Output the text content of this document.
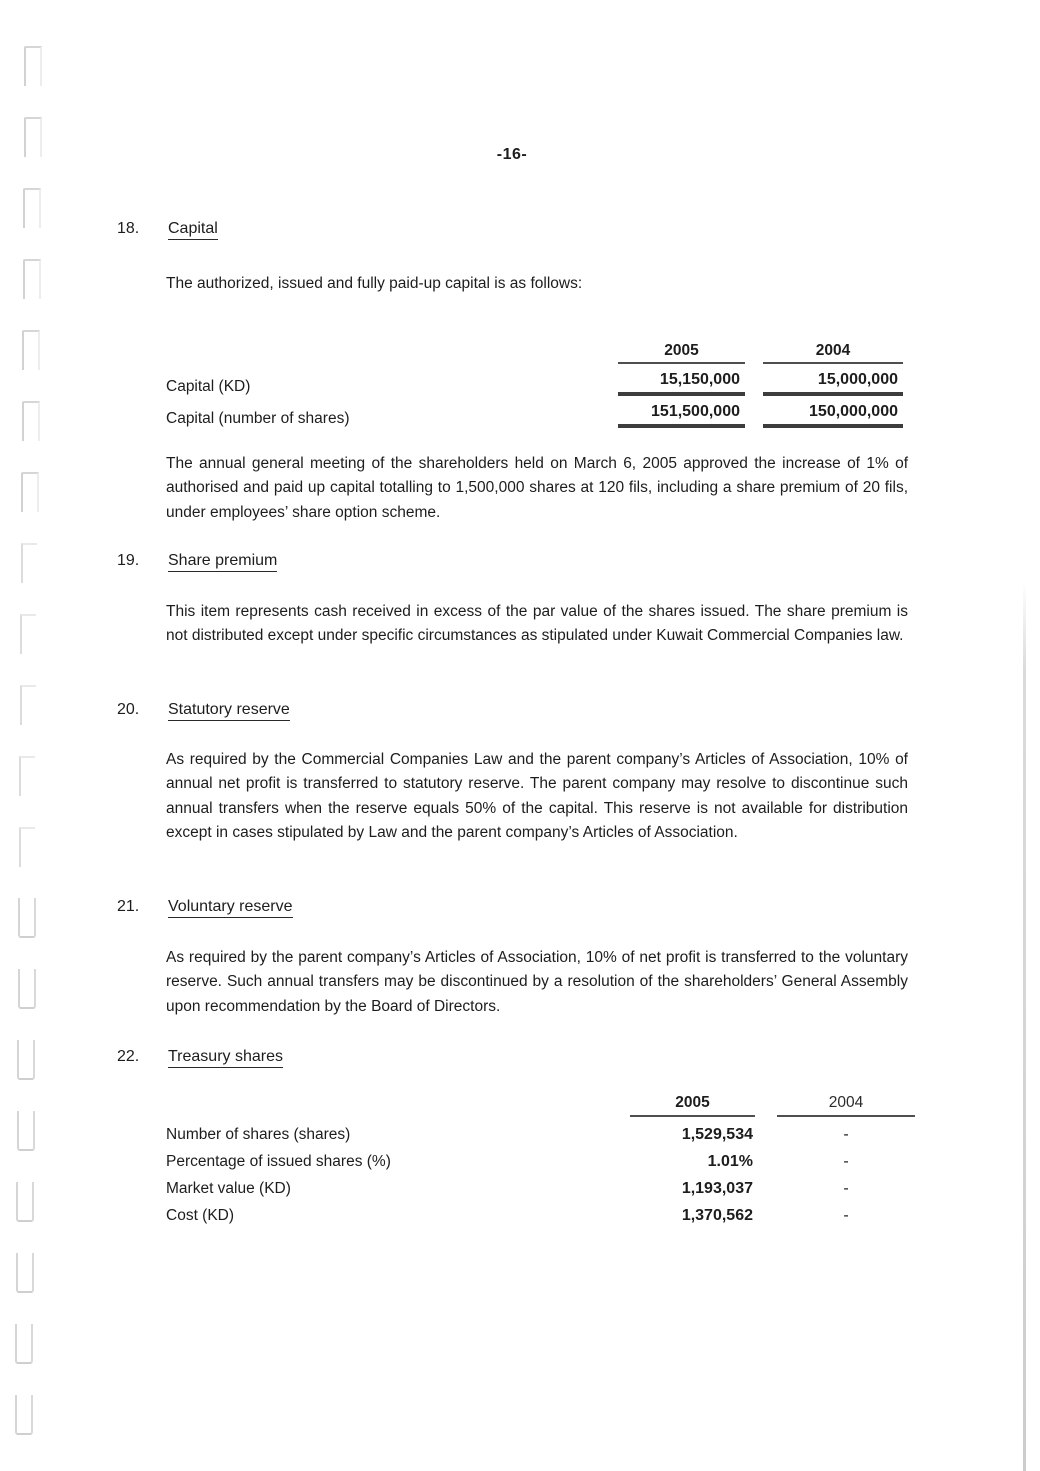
-16-
18.	Capital

The authorized, issued and fully paid-up capital is as follows:

2005	2004
Capital (KD)	15,150,000	15,000,000
Capital (number of shares)	151,500,000	150,000,000

The annual general meeting of the shareholders held on March 6, 2005 approved the increase of 1% of authorised and paid up capital totalling to 1,500,000 shares at 120 fils, including a share premium of 20 fils, under employees’ share option scheme.

19.	Share premium

This item represents cash received in excess of the par value of the shares issued. The share premium is not distributed except under specific circumstances as stipulated under Kuwait Commercial Companies law.

20.	Statutory reserve

As required by the Commercial Companies Law and the parent company’s Articles of Association, 10% of annual net profit is transferred to statutory reserve. The parent company may resolve to discontinue such annual transfers when the reserve equals 50% of the capital. This reserve is not available for distribution except in cases stipulated by Law and the parent company’s Articles of Association.

21.	Voluntary reserve

As required by the parent company’s Articles of Association, 10% of net profit is transferred to the voluntary reserve. Such annual transfers may be discontinued by a resolution of the shareholders’ General Assembly upon recommendation by the Board of Directors.

22.	Treasury shares
2005	2004
Number of shares (shares)	1,529,534	-
Percentage of issued shares (%)	1.01%	-
Market value (KD)	1,193,037	-
Cost (KD)	1,370,562	-
